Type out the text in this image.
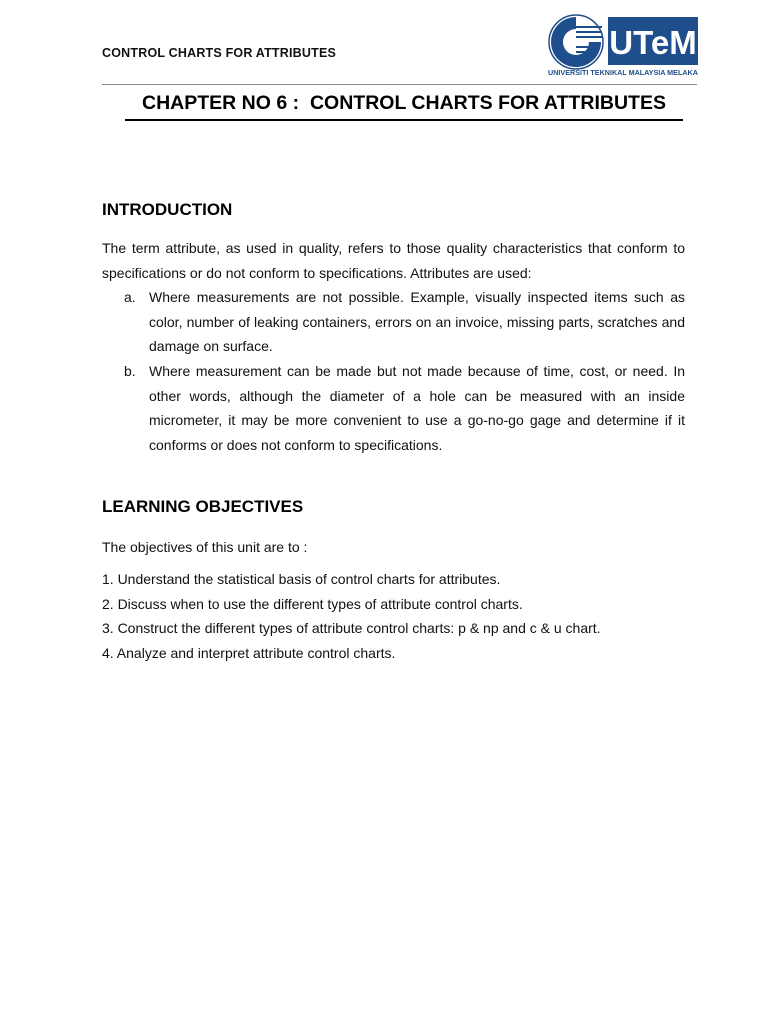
CONTROL CHARTS FOR ATTRIBUTES	UTeM
UNIVERSITI TEKNIKAL MALAYSIA MELAKA
CHAPTER NO 6 :  CONTROL CHARTS FOR ATTRIBUTES
INTRODUCTION
The term attribute, as used in quality, refers to those quality characteristics that conform to specifications or do not conform to specifications. Attributes are used:
a. Where measurements are not possible. Example, visually inspected items such as color, number of leaking containers, errors on an invoice, missing parts, scratches and damage on surface.
b. Where measurement can be made but not made because of time, cost, or need. In other words, although the diameter of a hole can be measured with an inside micrometer, it may be more convenient to use a go-no-go gage and determine if it conforms or does not conform to specifications.
LEARNING OBJECTIVES
The objectives of this unit are to :
1. Understand the statistical basis of control charts for attributes.
2. Discuss when to use the different types of attribute control charts.
3. Construct the different types of attribute control charts: p & np and c & u chart.
4. Analyze and interpret attribute control charts.
